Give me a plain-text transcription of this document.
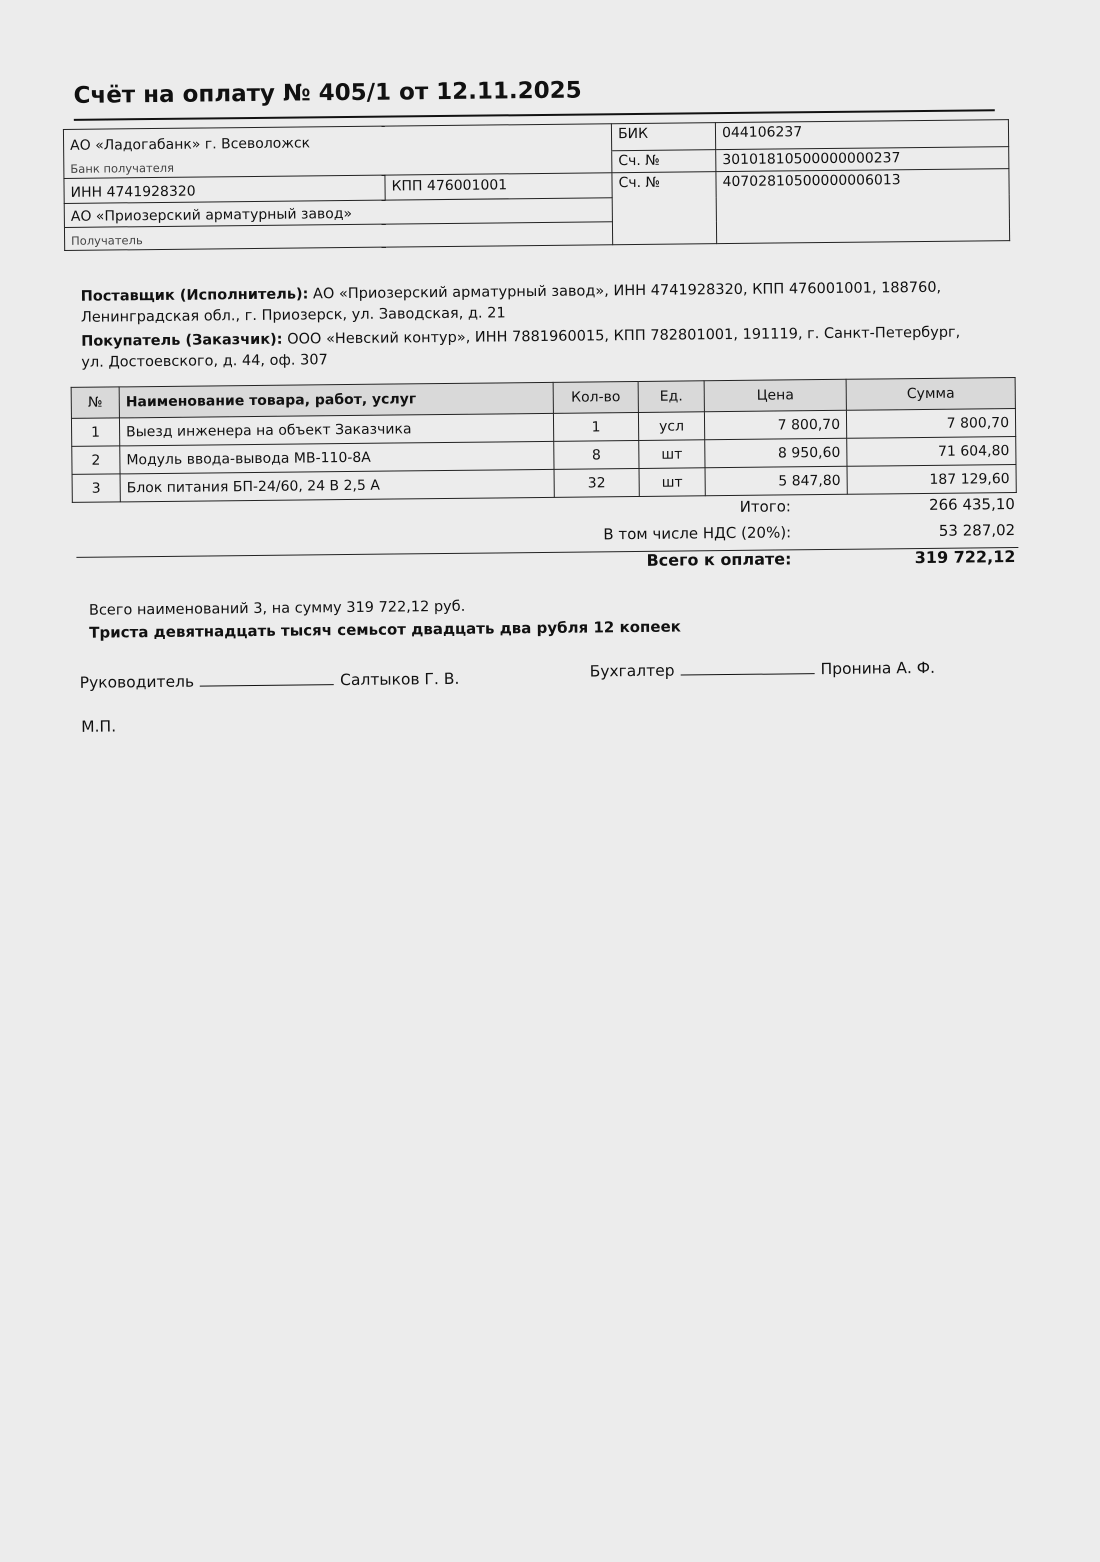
Счёт на оплату № 405/1 от 12.11.2025
АО «Ладогабанк» г. Всеволожск		БИК	044106237
Банк получателя		Сч. №	30101810500000000237
ИНН 4741928320	КПП 476001001	Сч. №	40702810500000006013
АО «Приозерский арматурный завод»			
Получатель			

Поставщик (Исполнитель): АО «Приозерский арматурный завод», ИНН 4741928320, КПП 476001001, 188760, Ленинградская обл., г. Приозерск, ул. Заводская, д. 21

Покупатель (Заказчик): ООО «Невский контур», ИНН 7881960015, КПП 782801001, 191119, г. Санкт-Петербург, ул. Достоевского, д. 44, оф. 307

№	Наименование товара, работ, услуг	Кол-во	Ед.	Цена	Сумма
1	Выезд инженера на объект Заказчика	1	усл	7 800,70	7 800,70
2	Модуль ввода-вывода МВ-110-8А	8	шт	8 950,60	71 604,80
3	Блок питания БП-24/60, 24 В 2,5 А	32	шт	5 847,80	187 129,60
Итого:	266 435,10
В том числе НДС (20%):	53 287,02
Всего к оплате:	319 722,12

Всего наименований 3, на сумму 319 722,12 руб.

Триста девятнадцать тысяч семьсот двадцать два рубля 12 копеек

Руководитель	Салтыков Г. В.	Бухгалтер	Пронина А. Ф.
М.П.
